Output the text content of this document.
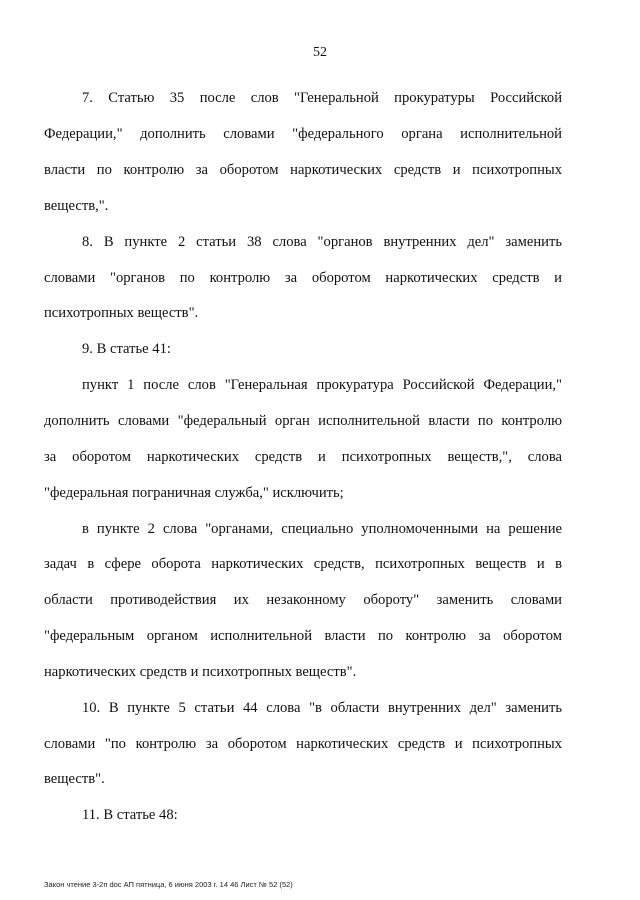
52
7. Статью 35 после слов "Генеральной прокуратуры Российской
Федерации," дополнить словами "федерального органа исполнительной
власти по контролю за оборотом наркотических средств и психотропных
веществ,".
8. В пункте 2 статьи 38 слова "органов внутренних дел" заменить
словами "органов по контролю за оборотом наркотических средств и
психотропных веществ".
9. В статье 41:
пункт 1 после слов "Генеральная прокуратура Российской Федерации,"
дополнить словами "федеральный орган исполнительной власти по контролю
за оборотом наркотических средств и психотропных веществ,", слова
"федеральная пограничная служба," исключить;
в пункте 2 слова "органами, специально уполномоченными на решение
задач в сфере оборота наркотических средств, психотропных веществ и в
области противодействия их незаконному обороту" заменить словами
"федеральным органом исполнительной власти по контролю за оборотом
наркотических средств и психотропных веществ".
10. В пункте 5 статьи 44 слова "в области внутренних дел" заменить
словами "по контролю за оборотом наркотических средств и психотропных
веществ".
11. В статье 48:
Закон чтение 3-2п doc АП пятница, 6 июня 2003 г. 14 46 Лист № 52 (52)
